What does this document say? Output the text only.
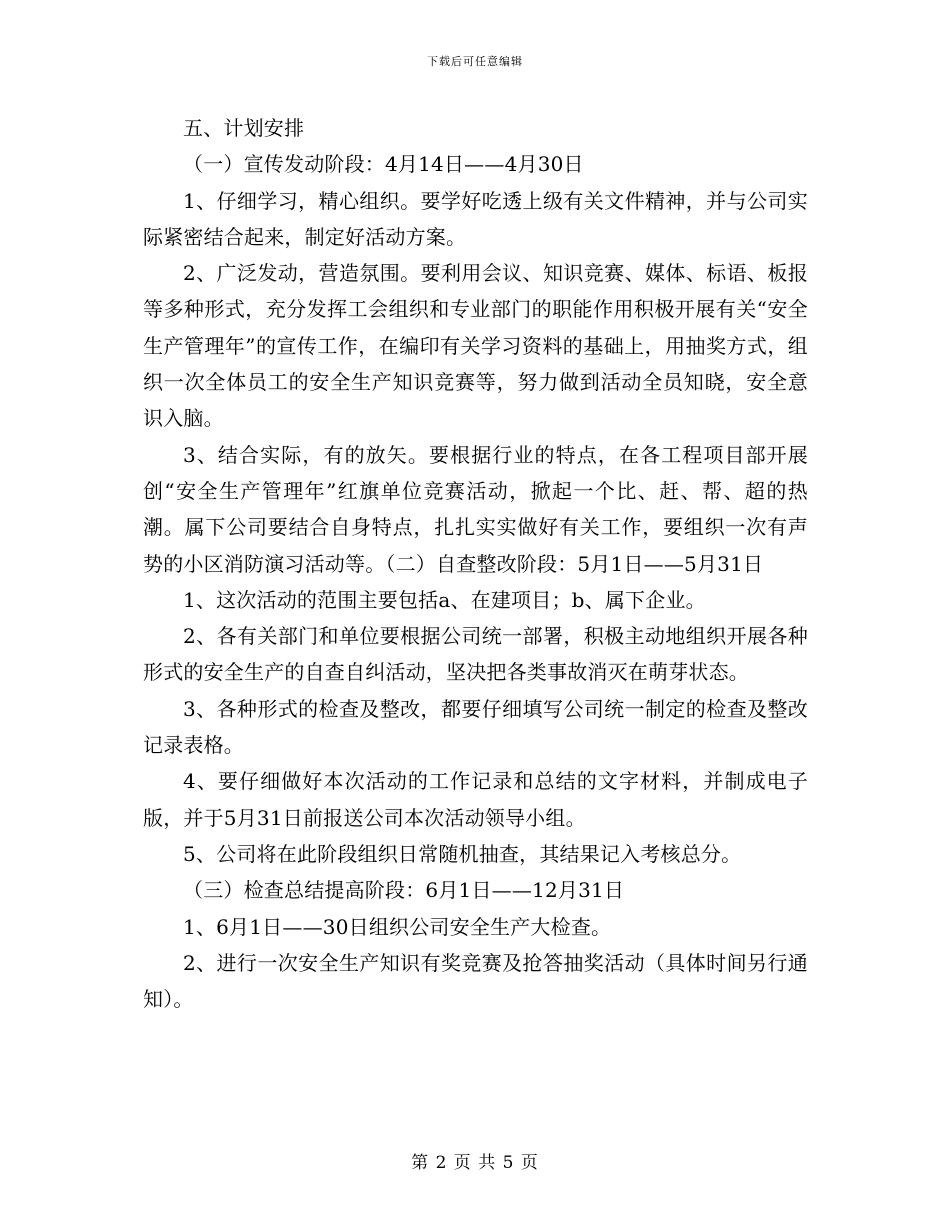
下载后可任意编辑

五、计划安排

（一）宣传发动阶段：4月14日——4月30日

1、仔细学习，精心组织。要学好吃透上级有关文件精神，并与公司实际紧密结合起来，制定好活动方案。

2、广泛发动，营造氛围。要利用会议、知识竞赛、媒体、标语、板报等多种形式，充分发挥工会组织和专业部门的职能作用积极开展有关“安全生产管理年”的宣传工作，在编印有关学习资料的基础上，用抽奖方式，组织一次全体员工的安全生产知识竞赛等，努力做到活动全员知晓，安全意识入脑。

3、结合实际，有的放矢。要根据行业的特点，在各工程项目部开展创“安全生产管理年”红旗单位竞赛活动，掀起一个比、赶、帮、超的热潮。属下公司要结合自身特点，扎扎实实做好有关工作，要组织一次有声势的小区消防演习活动等。（二）自查整改阶段：5月1日——5月31日

1、这次活动的范围主要包括a、在建项目；b、属下企业。

2、各有关部门和单位要根据公司统一部署，积极主动地组织开展各种形式的安全生产的自查自纠活动，坚决把各类事故消灭在萌芽状态。

3、各种形式的检查及整改，都要仔细填写公司统一制定的检查及整改记录表格。

4、要仔细做好本次活动的工作记录和总结的文字材料，并制成电子版，并于5月31日前报送公司本次活动领导小组。

5、公司将在此阶段组织日常随机抽查，其结果记入考核总分。

（三）检查总结提高阶段：6月1日——12月31日

1、6月1日——30日组织公司安全生产大检查。

2、进行一次安全生产知识有奖竞赛及抢答抽奖活动（具体时间另行通知）。

第 2 页 共 5 页
